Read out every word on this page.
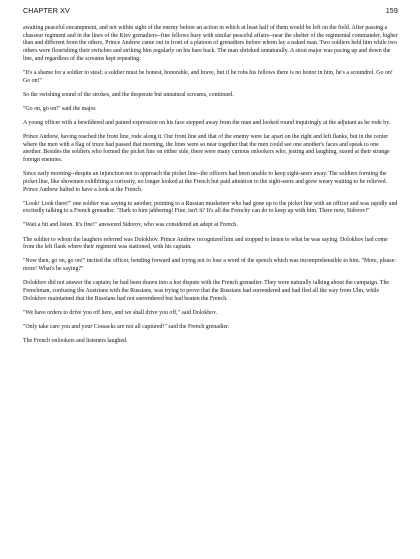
CHAPTER XV	159

awaiting peaceful encampment, and not within sight of the enemy before an action in which at least half of them would be left on the field. After passing a chasseur regiment and in the lines of the Kiev grenadiers--fine fellows busy with similar peaceful affairs--near the shelter of the regimental commander, higher than and different from the others, Prince Andrew came out in front of a platoon of grenadiers before whom lay a naked man. Two soldiers held him while two others were flourishing their switches and striking him regularly on his bare back. The man shrieked unnaturally. A stout major was pacing up and down the line, and regardless of the screams kept repeating:

"It's a shame for a soldier to steal; a soldier must be honest, honorable, and brave, but if he robs his fellows there is no honor in him, he's a scoundrel. Go on! Go on!"

So the swishing sound of the strokes, and the desperate but unnatural screams, continued.

"Go on, go on!" said the major.

A young officer with a bewildered and pained expression on his face stepped away from the man and looked round inquiringly at the adjutant as he rode by.

Prince Andrew, having reached the front line, rode along it. Our front line and that of the enemy were far apart on the right and left flanks, but in the center where the men with a flag of truce had passed that morning, the lines were so near together that the men could see one another's faces and speak to one another. Besides the soldiers who formed the picket line on either side, there were many curious onlookers who, jesting and laughing, stared at their strange foreign enemies.

Since early morning--despite an injunction not to approach the picket line--the officers had been unable to keep sight-seers away. The soldiers forming the picket line, like showmen exhibiting a curiosity, no longer looked at the French but paid attention to the sight-seers and grew weary waiting to be relieved. Prince Andrew halted to have a look at the French.

"Look! Look there!" one soldier was saying to another, pointing to a Russian musketeer who had gone up to the picket line with an officer and was rapidly and excitedly talking to a French grenadier. "Hark to him jabbering! Fine, isn't it? It's all the Frenchy can do to keep up with him. There now, Sidorov!"

"Wait a bit and listen. It's fine!" answered Sidorov, who was considered an adept at French.

The soldier to whom the laughers referred was Dolokhov. Prince Andrew recognized him and stopped to listen to what he was saying. Dolokhov had come from the left flank where their regiment was stationed, with his captain.

"Now then, go on, go on!" incited the officer, bending forward and trying not to lose a word of the speech which was incomprehensible to him. "More, please: more! What's he saying?"

Dolokhov did not answer the captain; he had been drawn into a hot dispute with the French grenadier. They were naturally talking about the campaign. The Frenchman, confusing the Austrians with the Russians, was trying to prove that the Russians had surrendered and had fled all the way from Ulm, while Dolokhov maintained that the Russians had not surrendered but had beaten the French.

"We have orders to drive you off here, and we shall drive you off," said Dolokhov.

"Only take care you and your Cossacks are not all captured!" said the French grenadier.

The French onlookers and listeners laughed.
